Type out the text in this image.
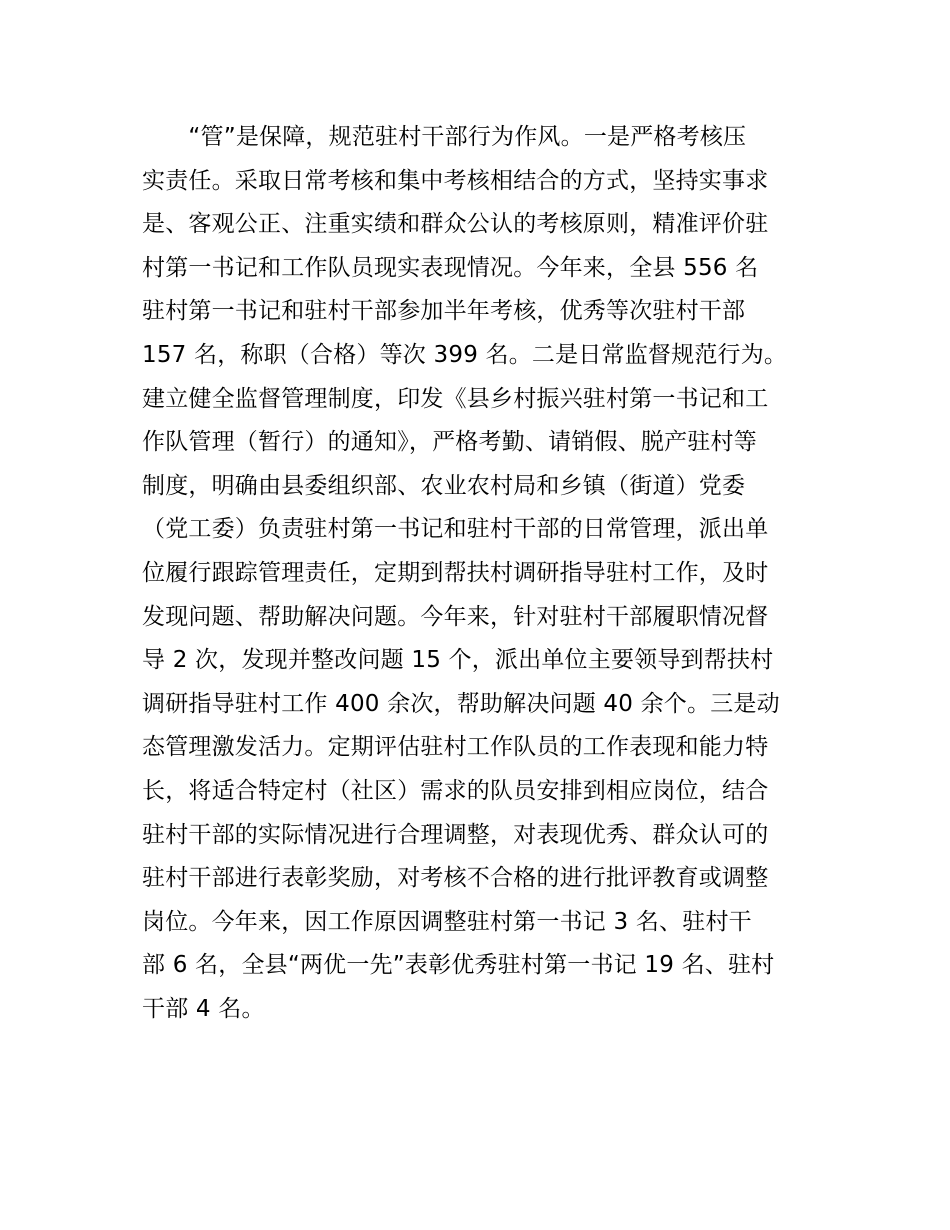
　　“管”是保障，规范驻村干部行为作风。一是严格考核压
实责任。采取日常考核和集中考核相结合的方式，坚持实事求
是、客观公正、注重实绩和群众公认的考核原则，精准评价驻
村第一书记和工作队员现实表现情况。今年来，全县 556 名
驻村第一书记和驻村干部参加半年考核，优秀等次驻村干部
157 名，称职（合格）等次 399 名。二是日常监督规范行为。
建立健全监督管理制度，印发《县乡村振兴驻村第一书记和工
作队管理（暂行）的通知》，严格考勤、请销假、脱产驻村等
制度，明确由县委组织部、农业农村局和乡镇（街道）党委
（党工委）负责驻村第一书记和驻村干部的日常管理，派出单
位履行跟踪管理责任，定期到帮扶村调研指导驻村工作，及时
发现问题、帮助解决问题。今年来，针对驻村干部履职情况督
导 2 次，发现并整改问题 15 个，派出单位主要领导到帮扶村
调研指导驻村工作 400 余次，帮助解决问题 40 余个。三是动
态管理激发活力。定期评估驻村工作队员的工作表现和能力特
长，将适合特定村（社区）需求的队员安排到相应岗位，结合
驻村干部的实际情况进行合理调整，对表现优秀、群众认可的
驻村干部进行表彰奖励，对考核不合格的进行批评教育或调整
岗位。今年来，因工作原因调整驻村第一书记 3 名、驻村干
部 6 名，全县“两优一先”表彰优秀驻村第一书记 19 名、驻村
干部 4 名。
